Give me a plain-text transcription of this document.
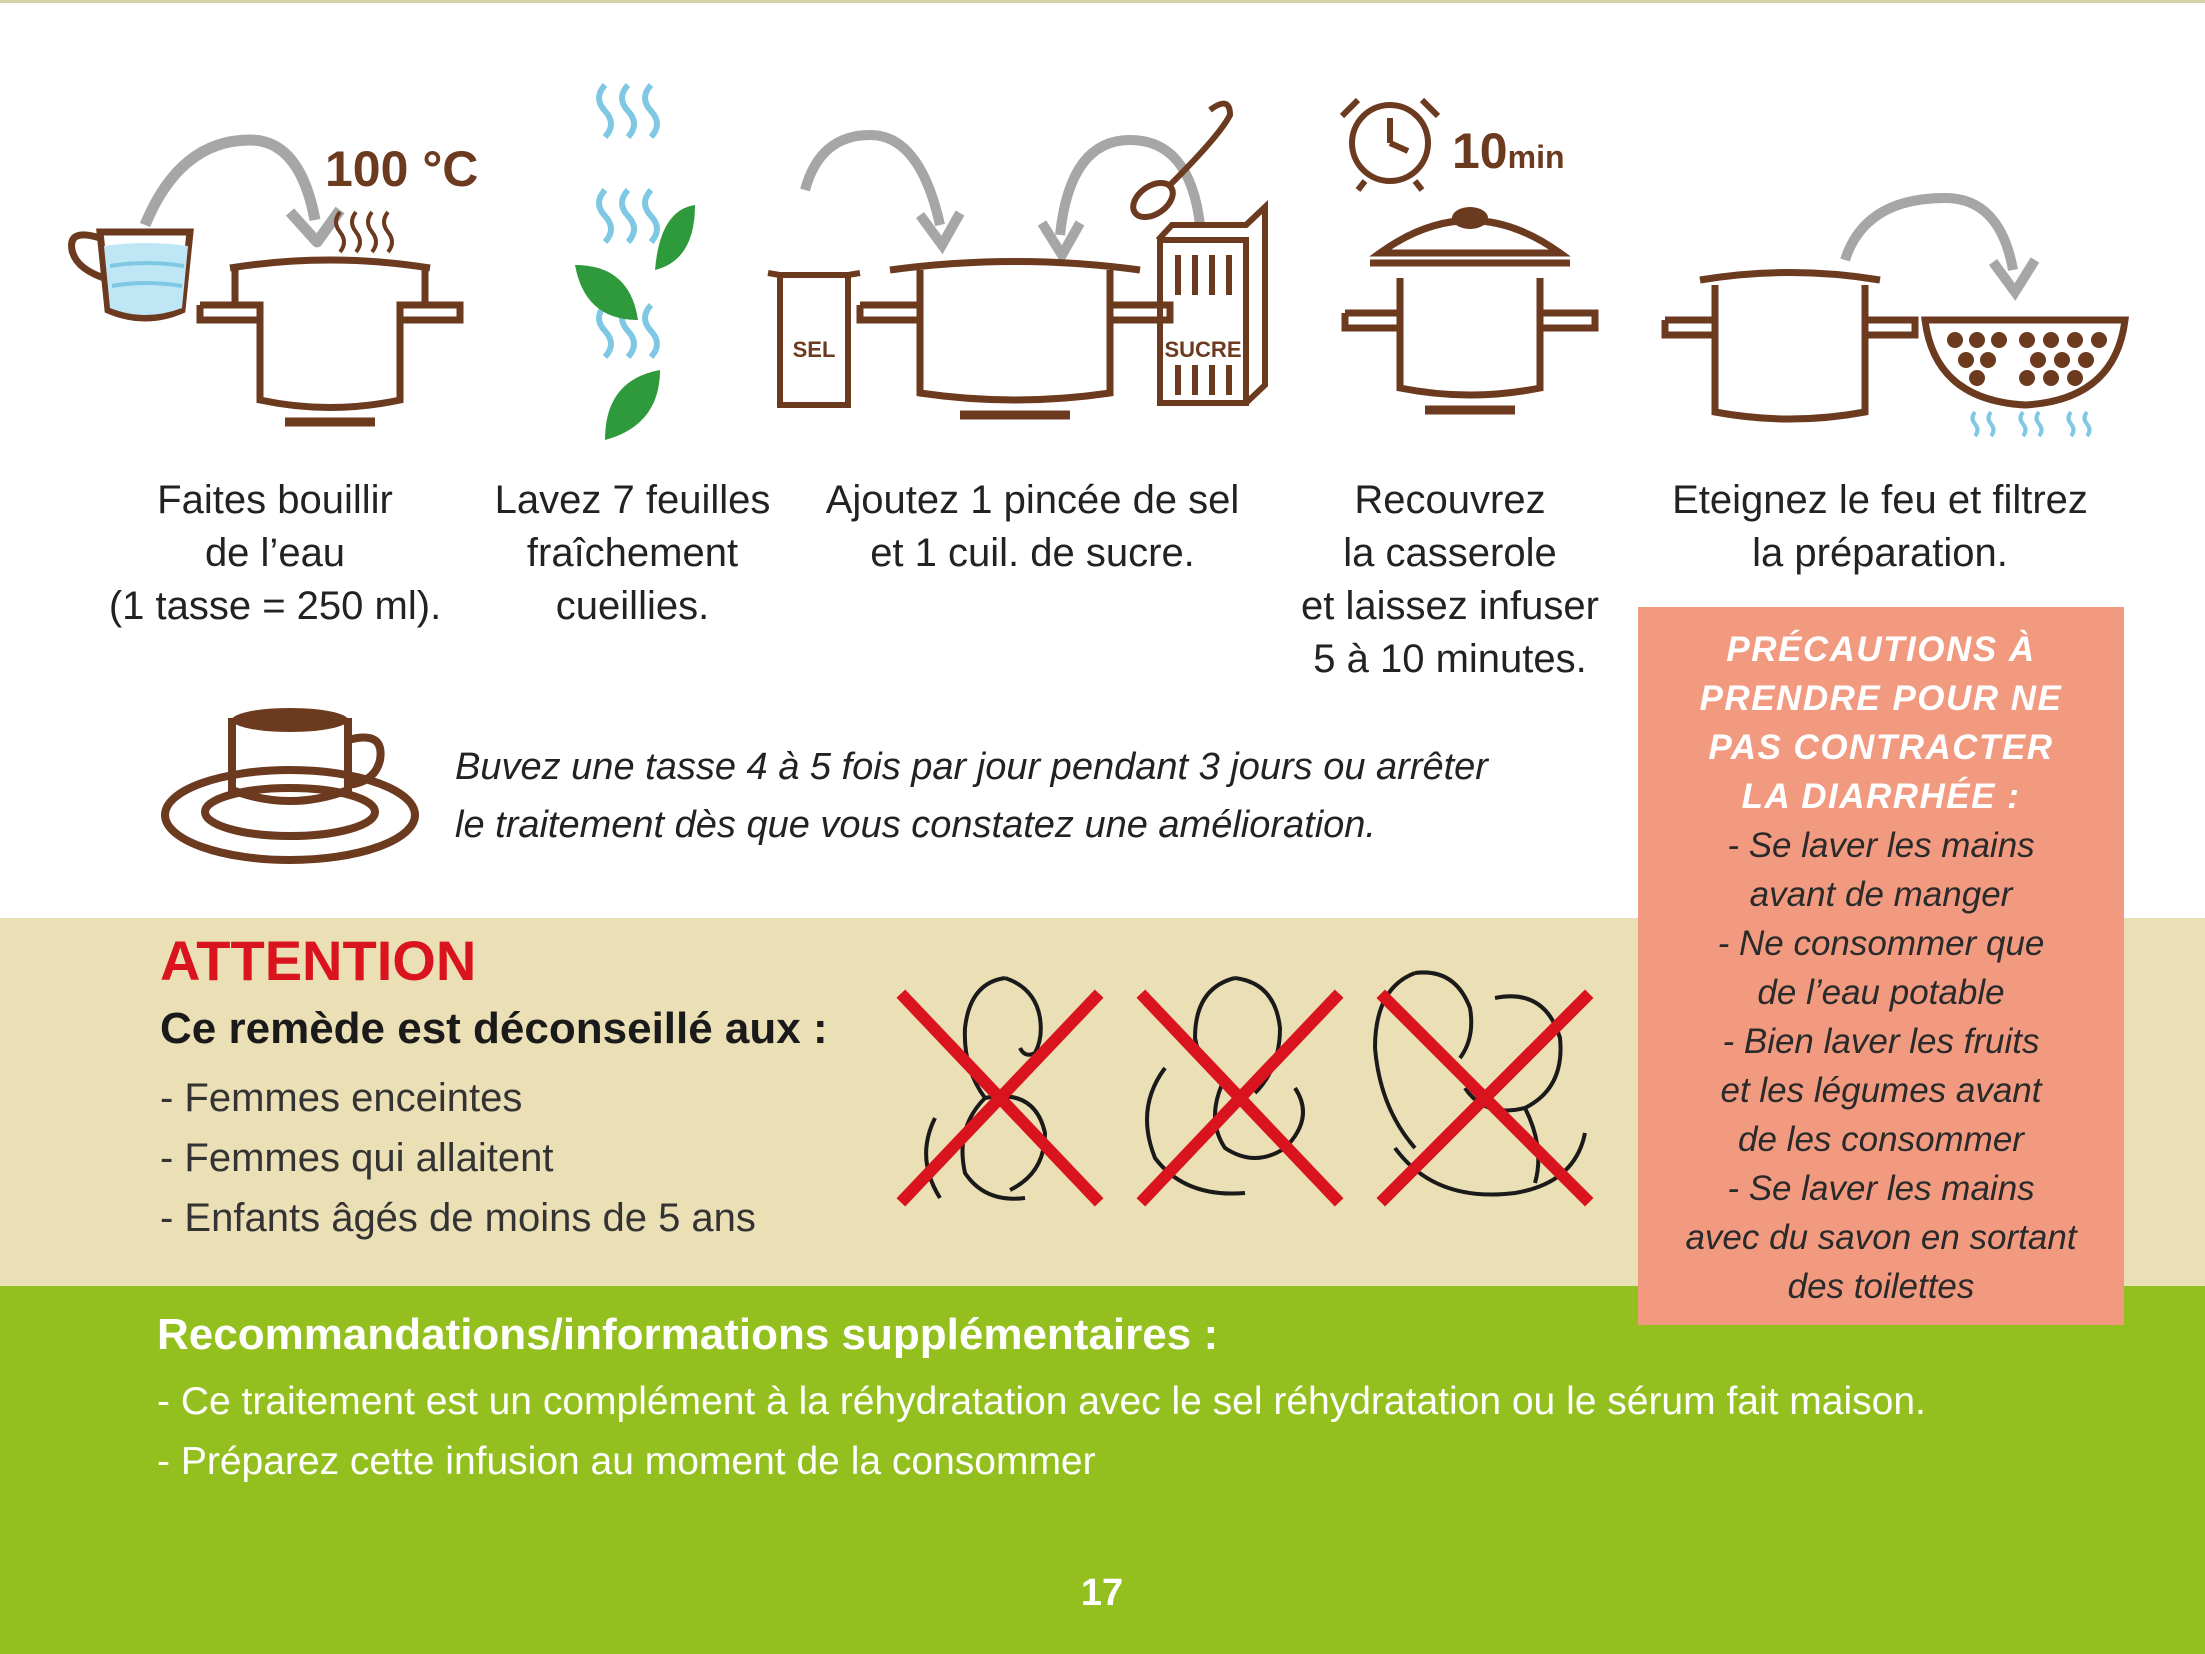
100 °C
SEL	SUCRE
10min
Faites bouillir
de l’eau
(1 tasse = 250 ml).
Lavez 7 feuilles
fraîchement
cueillies.
Ajoutez 1 pincée de sel
et 1 cuil. de sucre.
Recouvrez
la casserole
et laissez infuser
5 à 10 minutes.
Eteignez le feu et filtrez
la préparation.
Buvez une tasse 4 à 5 fois par jour pendant 3 jours ou arrêter
le traitement dès que vous constatez une amélioration.
ATTENTION
Ce remède est déconseillé aux :
- Femmes enceintes
- Femmes qui allaitent
- Enfants âgés de moins de 5 ans
PRÉCAUTIONS À
PRENDRE POUR NE
PAS CONTRACTER
LA DIARRHÉE :
- Se laver les mains
avant de manger
- Ne consommer que
de l’eau potable
- Bien laver les fruits
et les légumes avant
de les consommer
- Se laver les mains
avec du savon en sortant
des toilettes
Recommandations/informations supplémentaires :
- Ce traitement est un complément à la réhydratation avec le sel réhydratation ou le sérum fait maison.
- Préparez cette infusion au moment de la consommer
17
